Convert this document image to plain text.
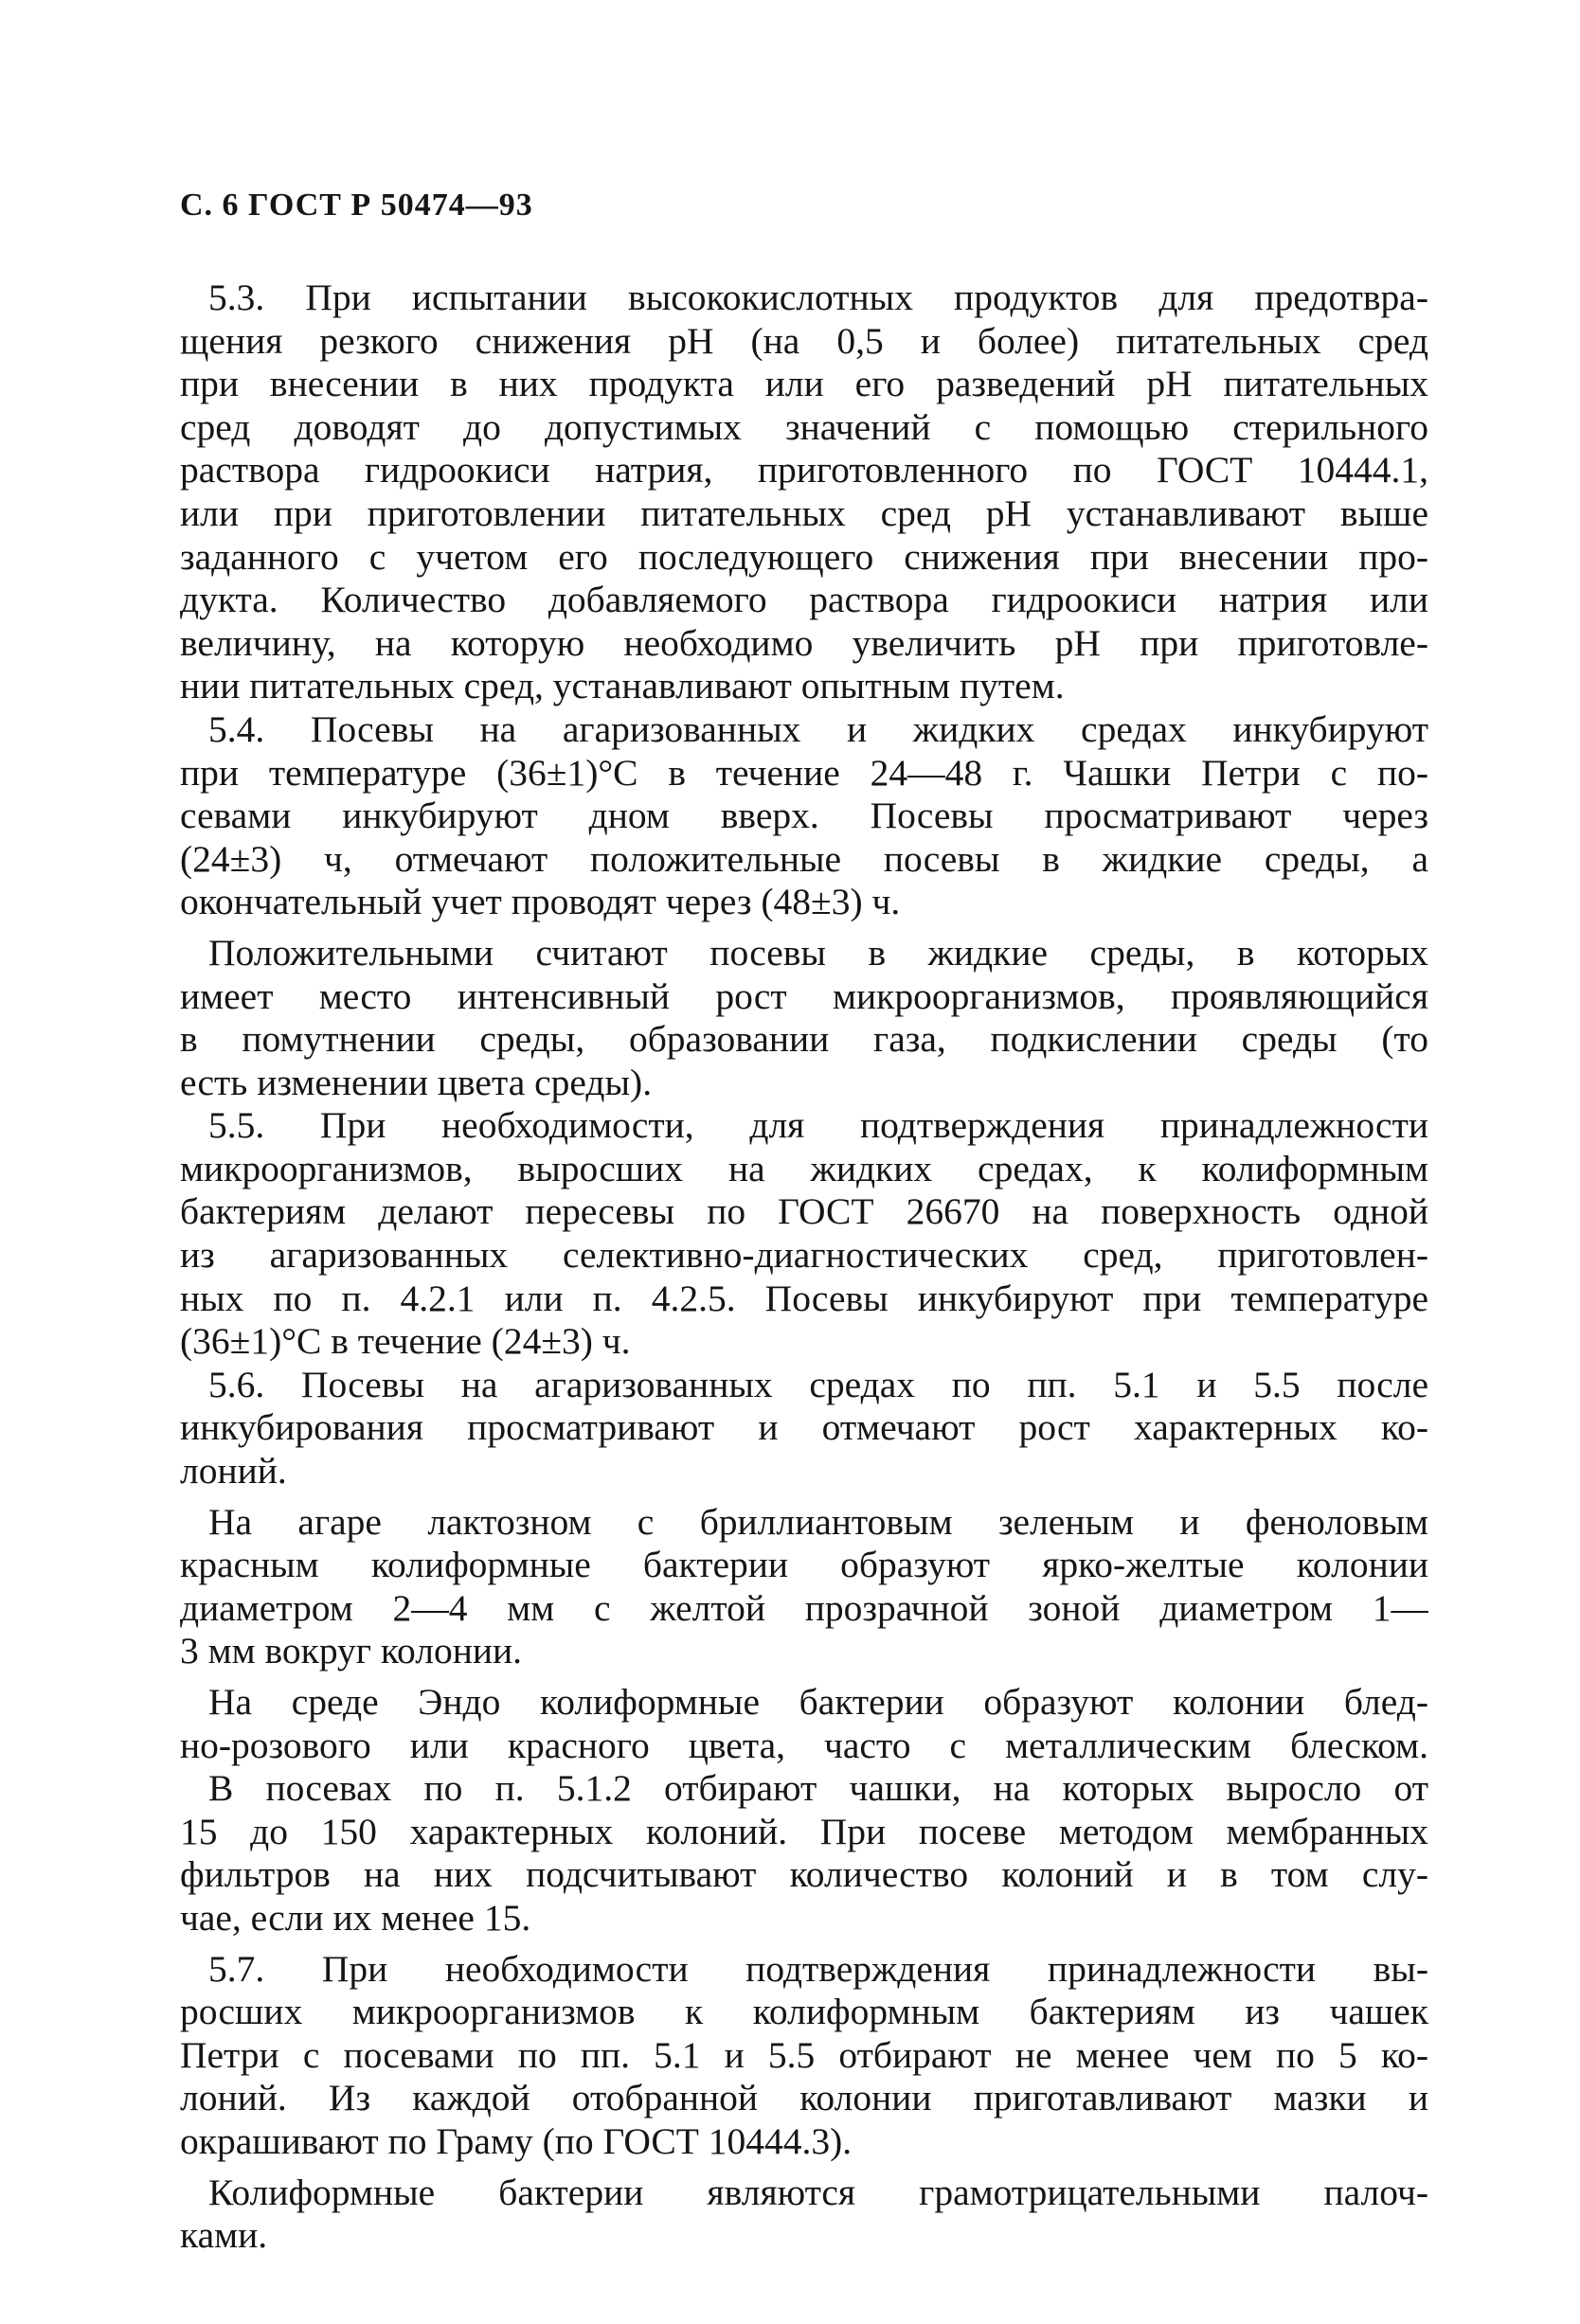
С. 6 ГОСТ Р 50474—93
5.3. При испытании высококислотных продуктов для предотвра-
щения резкого снижения pH (на 0,5 и более) питательных сред
при внесении в них продукта или его разведений pH питательных
сред доводят до допустимых значений с помощью стерильного
раствора гидроокиси натрия, приготовленного по ГОСТ 10444.1,
или при приготовлении питательных сред pH устанавливают выше
заданного с учетом его последующего снижения при внесении про-
дукта. Количество добавляемого раствора гидроокиси натрия или
величину, на которую необходимо увеличить pH при приготовле-
нии питательных сред, устанавливают опытным путем.
5.4. Посевы на агаризованных и жидких средах инкубируют
при температуре (36±1)°C в течение 24—48 г. Чашки Петри с по-
севами инкубируют дном вверх. Посевы просматривают через
(24±3) ч, отмечают положительные посевы в жидкие среды, а
окончательный учет проводят через (48±3) ч.
Положительными считают посевы в жидкие среды, в которых
имеет место интенсивный рост микроорганизмов, проявляющийся
в помутнении среды, образовании газа, подкислении среды (то
есть изменении цвета среды).
5.5. При необходимости, для подтверждения принадлежности
микроорганизмов, выросших на жидких средах, к колиформным
бактериям делают пересевы по ГОСТ 26670 на поверхность одной
из агаризованных селективно-диагностических сред, приготовлен-
ных по п. 4.2.1 или п. 4.2.5. Посевы инкубируют при температуре
(36±1)°C в течение (24±3) ч.
5.6. Посевы на агаризованных средах по пп. 5.1 и 5.5 после
инкубирования просматривают и отмечают рост характерных ко-
лоний.
На агаре лактозном с бриллиантовым зеленым и феноловым
красным колиформные бактерии образуют ярко-желтые колонии
диаметром 2—4 мм с желтой прозрачной зоной диаметром 1—
3 мм вокруг колонии.
На среде Эндо колиформные бактерии образуют колонии блед-
но-розового или красного цвета, часто с металлическим блеском.
В посевах по п. 5.1.2 отбирают чашки, на которых выросло от
15 до 150 характерных колоний. При посеве методом мембранных
фильтров на них подсчитывают количество колоний и в том слу-
чае, если их менее 15.
5.7. При необходимости подтверждения принадлежности вы-
росших микроорганизмов к колиформным бактериям из чашек
Петри с посевами по пп. 5.1 и 5.5 отбирают не менее чем по 5 ко-
лоний. Из каждой отобранной колонии приготавливают мазки и
окрашивают по Граму (по ГОСТ 10444.3).
Колиформные бактерии являются грамотрицательными палоч-
ками.
